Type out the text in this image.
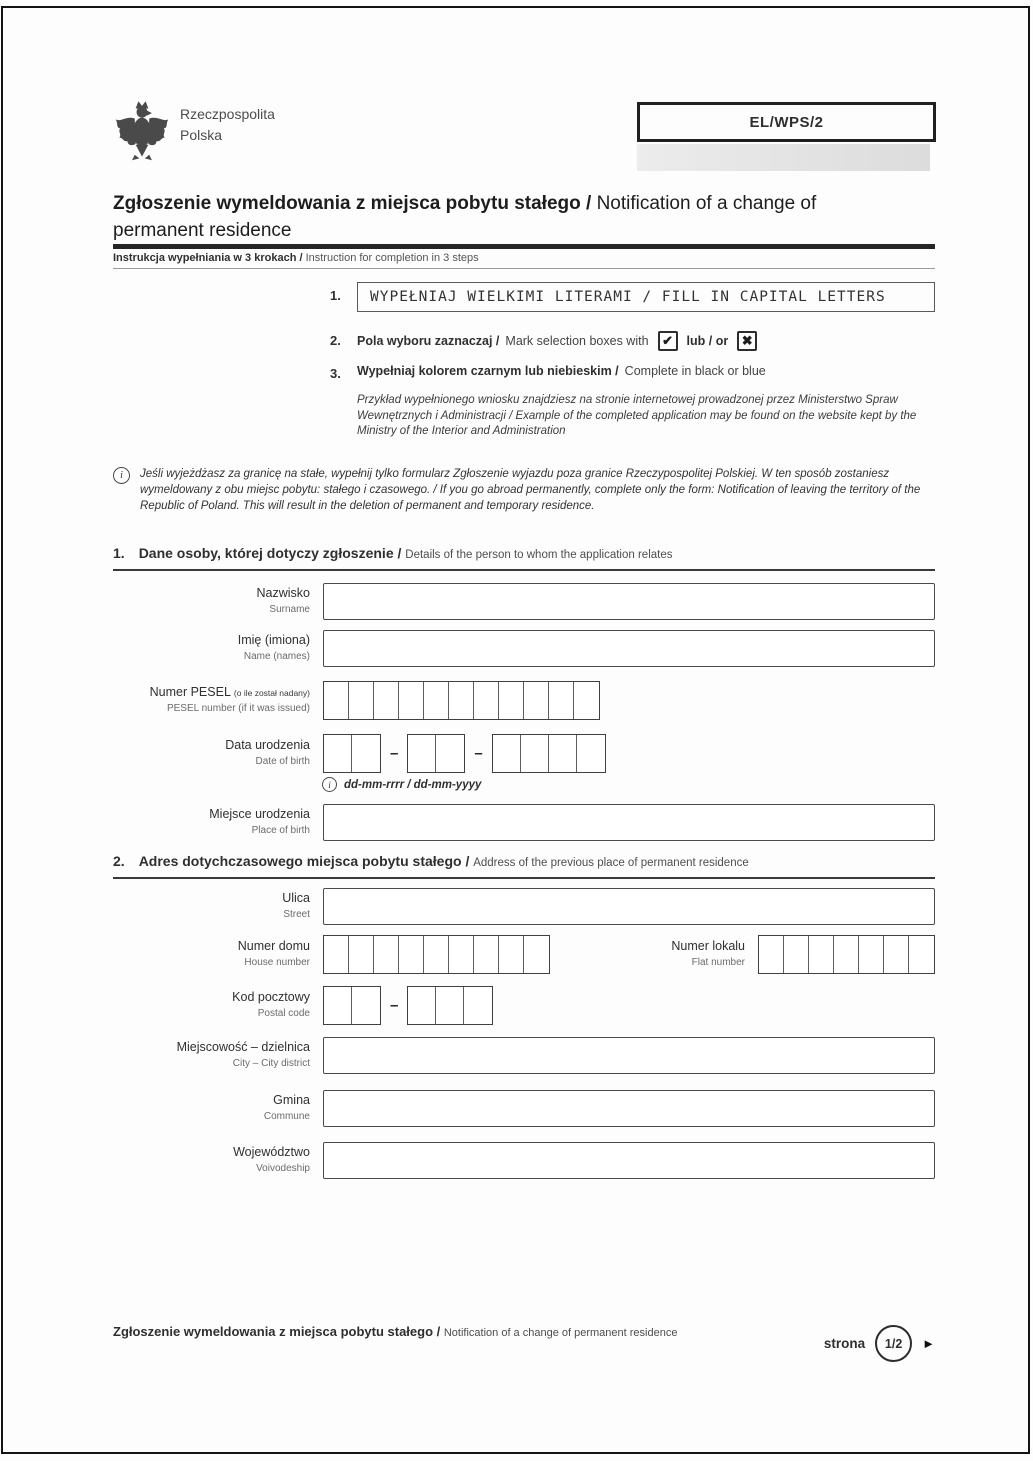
Rzeczpospolita
Polska
EL/WPS/2
Zgłoszenie wymeldowania z miejsca pobytu stałego / Notification of a change of permanent residence
Instrukcja wypełniania w 3 krokach / Instruction for completion in 3 steps
1. WYPEŁNIAJ WIELKIMI LITERAMI / FILL IN CAPITAL LETTERS
2. Pola wyboru zaznaczaj / Mark selection boxes with ✔ lub / or ✖
3. Wypełniaj kolorem czarnym lub niebieskim / Complete in black or blue
Przykład wypełnionego wniosku znajdziesz na stronie internetowej prowadzonej przez Ministerstwo Spraw Wewnętrznych i Administracji / Example of the completed application may be found on the website kept by the Ministry of the Interior and Administration
i Jeśli wyjeżdżasz za granicę na stałe, wypełnij tylko formularz Zgłoszenie wyjazdu poza granice Rzeczypospolitej Polskiej. W ten sposób zostaniesz wymeldowany z obu miejsc pobytu: stałego i czasowego. / If you go abroad permanently, complete only the form: Notification of leaving the territory of the Republic of Poland. This will result in the deletion of permanent and temporary residence.
1. Dane osoby, której dotyczy zgłoszenie / Details of the person to whom the application relates
Nazwisko
Surname
Imię (imiona)
Name (names)
Numer PESEL (o ile został nadany)
PESEL number (if it was issued)
Data urodzenia
Date of birth	–	–
i dd-mm-rrrr / dd-mm-yyyy
Miejsce urodzenia
Place of birth
2. Adres dotychczasowego miejsca pobytu stałego / Address of the previous place of permanent residence
Ulica
Street
Numer domu
House number
Numer lokalu
Flat number
Kod pocztowy
Postal code	–
Miejscowość – dzielnica
City – City district
Gmina
Commune
Województwo
Voivodeship
Zgłoszenie wymeldowania z miejsca pobytu stałego / Notification of a change of permanent residence
strona 1/2 ►
